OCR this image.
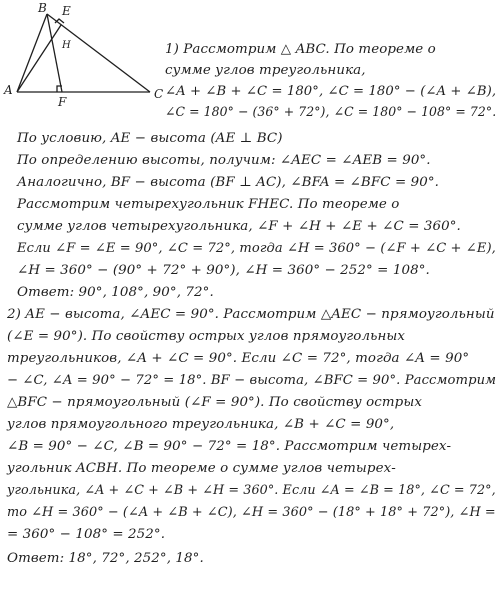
B E
H
A
F
C
1) Рассмотрим △ ABC. По теореме о
сумме углов треугольника,
∠A + ∠B + ∠C = 180°, ∠C = 180° − (∠A + ∠B),
∠C = 180° − (36° + 72°), ∠C = 180° − 108° = 72°.
По условию, AE − высота (AE ⊥ BC)
По определению высоты, получим: ∠AEC = ∠AEB = 90°.
Аналогично, BF − высота (BF ⊥ AC), ∠BFA = ∠BFC = 90°.
Рассмотрим четырехугольник FHEC. По теореме о
сумме углов четырехугольника, ∠F + ∠H + ∠E + ∠C = 360°.
Если ∠F = ∠E = 90°, ∠C = 72°, тогда ∠H = 360° − (∠F + ∠C + ∠E),
∠H = 360° − (90° + 72° + 90°), ∠H = 360° − 252° = 108°.
Ответ: 90°, 108°, 90°, 72°.
2) AE − высота, ∠AEC = 90°. Рассмотрим △AEC − прямоугольный
(∠E = 90°). По свойству острых углов прямоугольных
треугольников, ∠A + ∠C = 90°. Если ∠C = 72°, тогда ∠A = 90°
− ∠C, ∠A = 90° − 72° = 18°. BF − высота, ∠BFC = 90°. Рассмотрим
△BFC − прямоугольный (∠F = 90°). По свойству острых
углов прямоугольного треугольника, ∠B + ∠C = 90°,
∠B = 90° − ∠C, ∠B = 90° − 72° = 18°. Рассмотрим четырех-
угольник ACBH. По теореме о сумме углов четырех-
угольника, ∠A + ∠C + ∠B + ∠H = 360°. Если ∠A = ∠B = 18°, ∠C = 72°,
то ∠H = 360° − (∠A + ∠B + ∠C), ∠H = 360° − (18° + 18° + 72°), ∠H =
= 360° − 108° = 252°.
Ответ: 18°, 72°, 252°, 18°.
